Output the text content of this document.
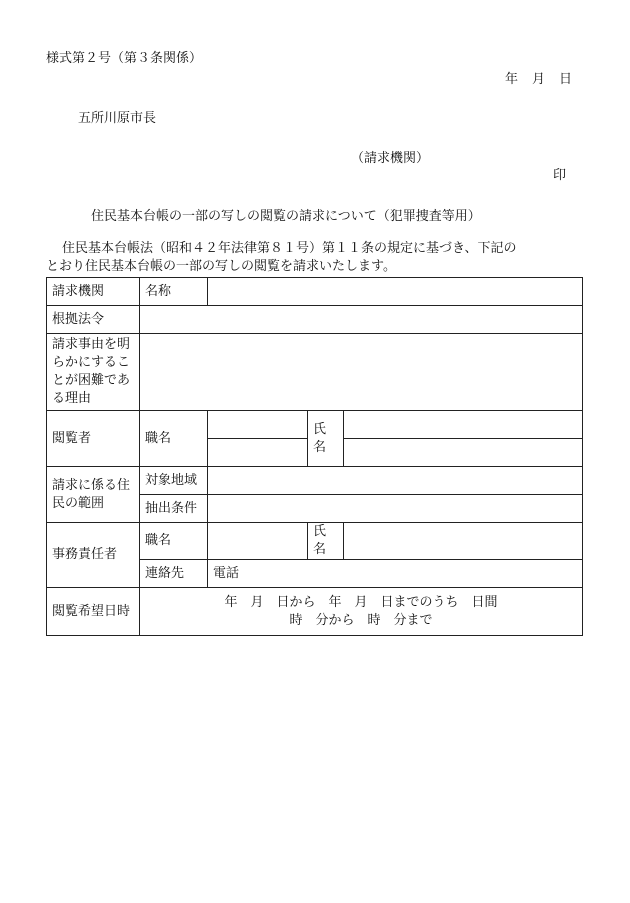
様式第２号（第３条関係）
年 月 日
五所川原市長
（請求機関）
印
住民基本台帳の一部の写しの閲覧の請求について（犯罪捜査等用）
住民基本台帳法（昭和４２年法律第８１号）第１１条の規定に基づき、下記の
とおり住民基本台帳の一部の写しの閲覧を請求いたします。
請求機関	名称			
根拠法令				
請求事由を明らかにすることが困難である理由				
閲覧者	職名		氏名	

請求に係る住民の範囲	対象地域			
	抽出条件			
事務責任者	職名		氏名	
	連絡先	電話		
閲覧希望日時	年　月　日から　年　月　日までのうち　日間
時　分から　時　分まで			
